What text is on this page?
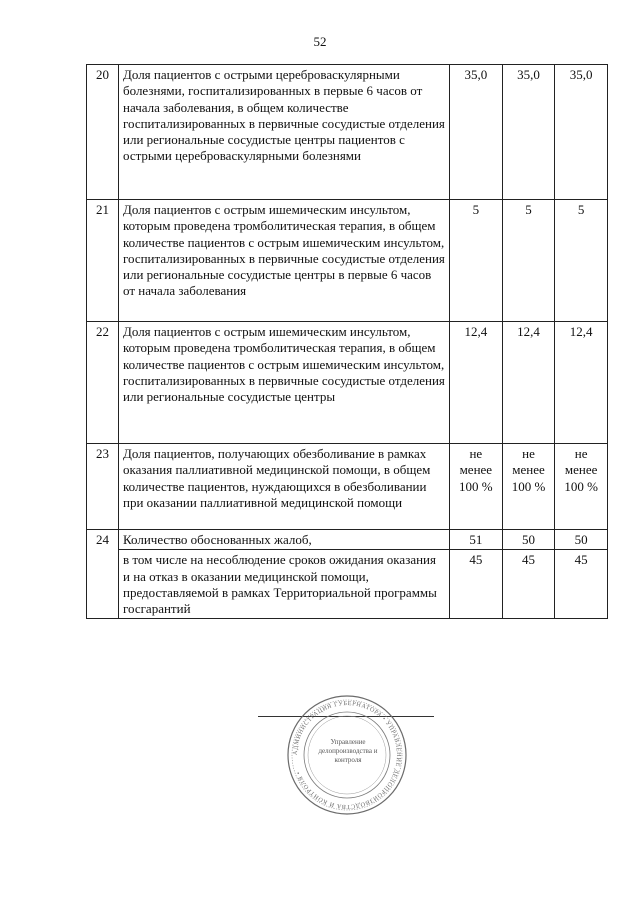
52
20	Доля пациентов с острыми цереброваскулярными болезнями, госпитализированных в первые 6 часов от начала заболевания, в общем количестве госпитализированных в первичные сосудистые отделения или региональные сосудистые центры пациентов с острыми цереброваскулярными болезнями	35,0	35,0	35,0
21	Доля пациентов с острым ишемическим инсультом, которым проведена тромболитическая терапия, в общем количестве пациентов с острым ишемическим инсультом, госпитализированных в первичные сосудистые отделения или региональные сосудистые центры в первые 6 часов от начала заболевания	5	5	5
22	Доля пациентов с острым ишемическим инсультом, которым проведена тромболитическая терапия, в общем количестве пациентов с острым ишемическим инсультом, госпитализированных в первичные сосудистые отделения или региональные сосудистые центры	12,4	12,4	12,4
23	Доля пациентов, получающих обезболивание в рамках оказания паллиативной медицинской помощи, в общем количестве пациентов, нуждающихся в обезболивании при оказании паллиативной медицинской помощи	не менее 100 %	не менее 100 %	не менее 100 %
24	Количество обоснованных жалоб,	51	50	50
	в том числе на несоблюдение сроков ожидания оказания и на отказ в оказании медицинской помощи, предоставляемой в рамках Территориальной программы госгарантий	45	45	45
АДМИНИСТРАЦИЯ ГУБЕРНАТОРА • УПРАВЛЕНИЕ ДЕЛОПРОИЗВОДСТВА И КОНТРОЛЯ •
Управление делопроизводства и контроля
